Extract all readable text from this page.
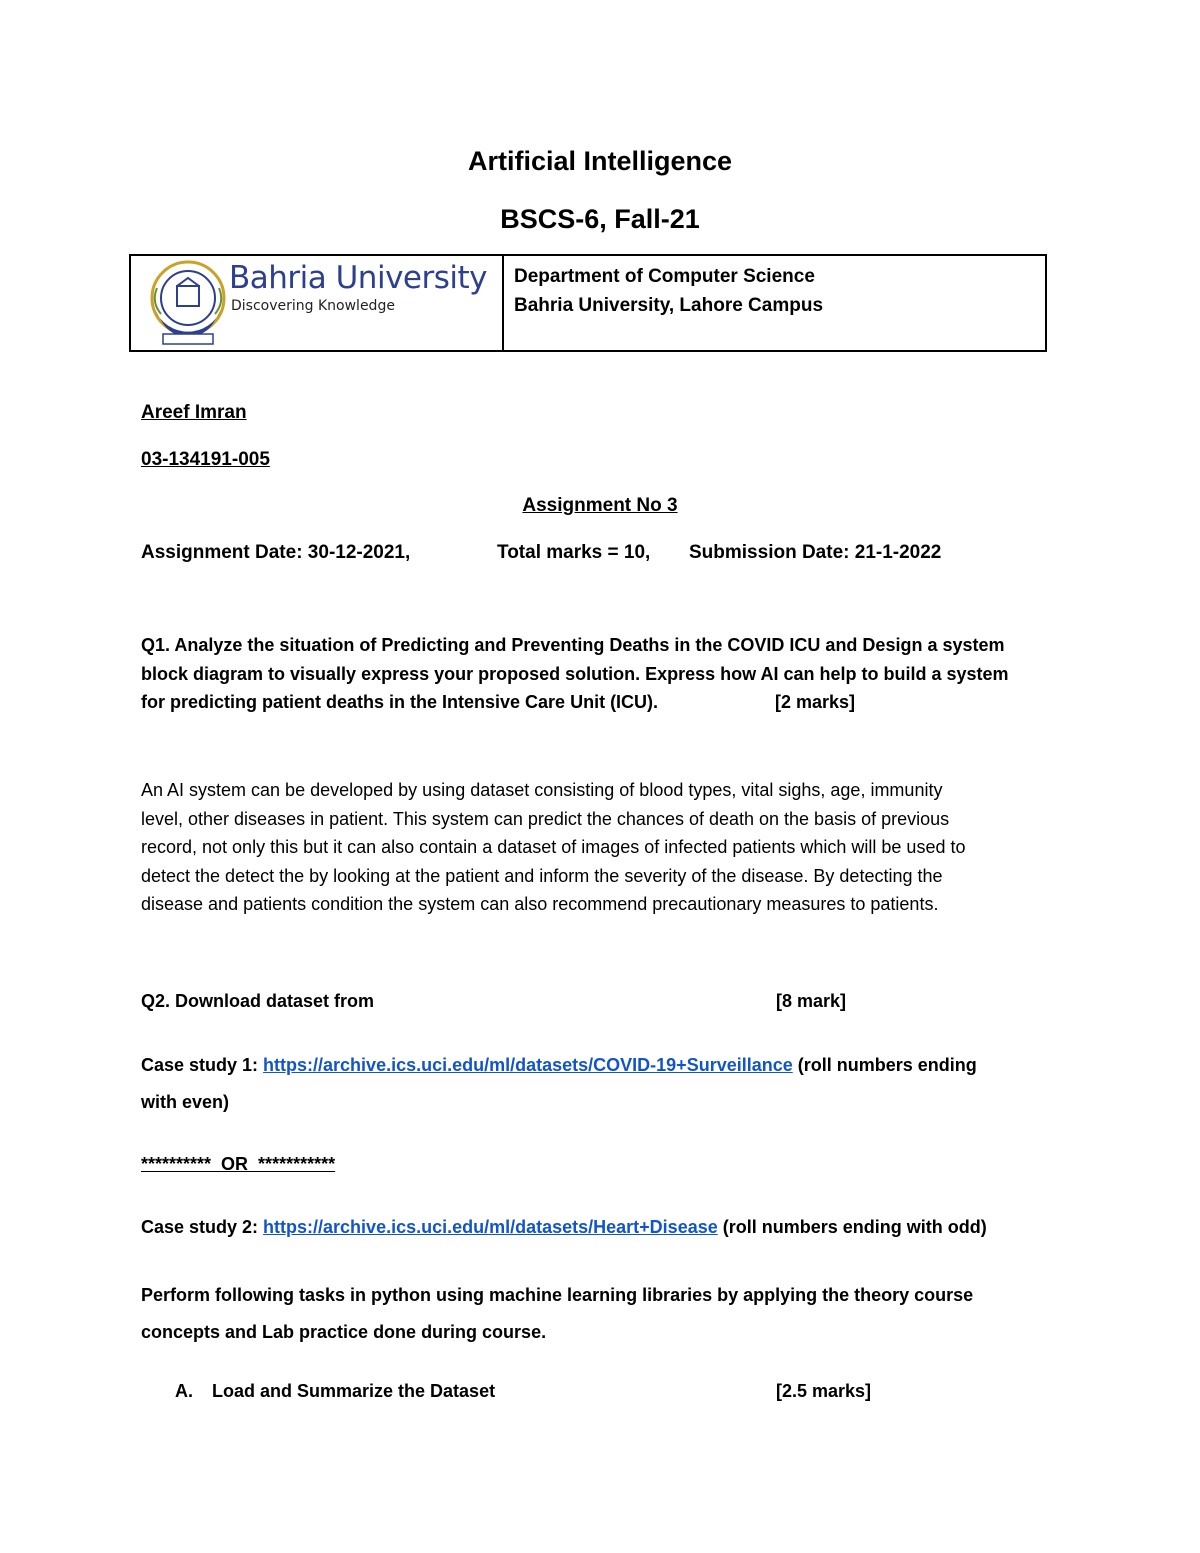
Artificial Intelligence
BSCS-6, Fall-21
Bahria University
Discovering Knowledge
Department of Computer Science
Bahria University, Lahore Campus
Areef Imran
03-134191-005
Assignment No 3
Assignment Date: 30-12-2021,	Total marks = 10, Submission Date: 21-1-2022
Q1. Analyze the situation of Predicting and Preventing Deaths in the COVID ICU and Design a system
block diagram to visually express your proposed solution. Express how AI can help to build a system
for predicting patient deaths in the Intensive Care Unit (ICU).	[2 marks]
An AI system can be developed by using dataset consisting of blood types, vital sighs, age, immunity
level, other diseases in patient. This system can predict the chances of death on the basis of previous
record, not only this but it can also contain a dataset of images of infected patients which will be used to
detect the detect the by looking at the patient and inform the severity of the disease. By detecting the
disease and patients condition the system can also recommend precautionary measures to patients.
Q2. Download dataset from	[8 mark]
Case study 1: https://archive.ics.uci.edu/ml/datasets/COVID-19+Surveillance (roll numbers ending
with even)
**********  OR  ***********
Case study 2: https://archive.ics.uci.edu/ml/datasets/Heart+Disease (roll numbers ending with odd)
Perform following tasks in python using machine learning libraries by applying the theory course
concepts and Lab practice done during course.
A. Load and Summarize the Dataset	[2.5 marks]
